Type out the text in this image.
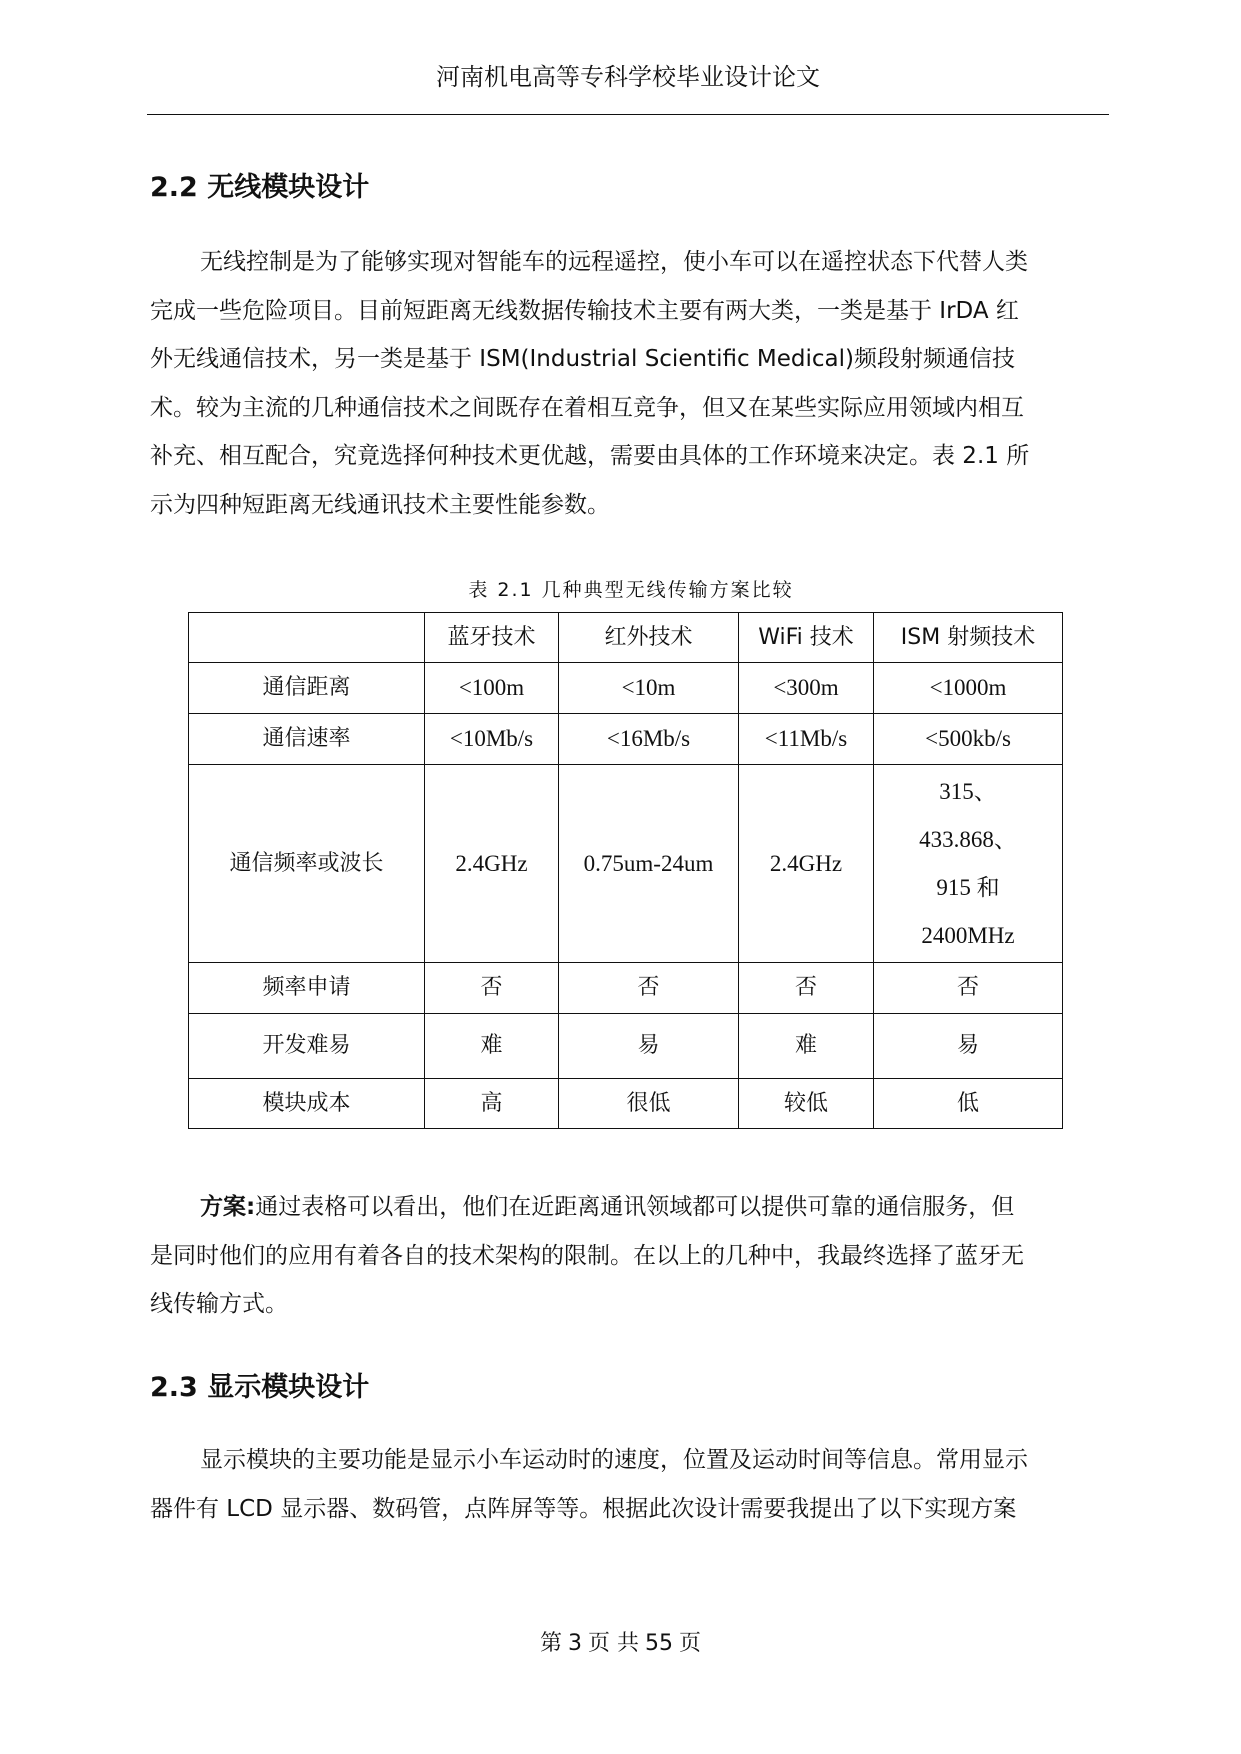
河南机电高等专科学校毕业设计论文
2.2 无线模块设计
无线控制是为了能够实现对智能车的远程遥控，使小车可以在遥控状态下代替人类
完成一些危险项目。目前短距离无线数据传输技术主要有两大类，一类是基于 IrDA 红
外无线通信技术，另一类是基于 ISM(Industrial Scientific Medical)频段射频通信技
术。较为主流的几种通信技术之间既存在着相互竞争，但又在某些实际应用领域内相互
补充、相互配合，究竟选择何种技术更优越，需要由具体的工作环境来决定。表 2.1 所
示为四种短距离无线通讯技术主要性能参数。
表 2.1 几种典型无线传输方案比较
	蓝牙技术	红外技术	WiFi 技术	ISM 射频技术
通信距离	<100m	<10m	<300m	<1000m
通信速率	<10Mb/s	<16Mb/s	<11Mb/s	<500kb/s
通信频率或波长	2.4GHz	0.75um-24um	2.4GHz	315、
433.868、
915 和
2400MHz

频率申请	否	否	否	否
开发难易	难	易	难	易
模块成本	高	很低	较低	低
方案:通过表格可以看出，他们在近距离通讯领域都可以提供可靠的通信服务，但
是同时他们的应用有着各自的技术架构的限制。在以上的几种中，我最终选择了蓝牙无
线传输方式。
2.3 显示模块设计
显示模块的主要功能是显示小车运动时的速度，位置及运动时间等信息。常用显示
器件有 LCD 显示器、数码管，点阵屏等等。根据此次设计需要我提出了以下实现方案
第 3 页 共 55 页
